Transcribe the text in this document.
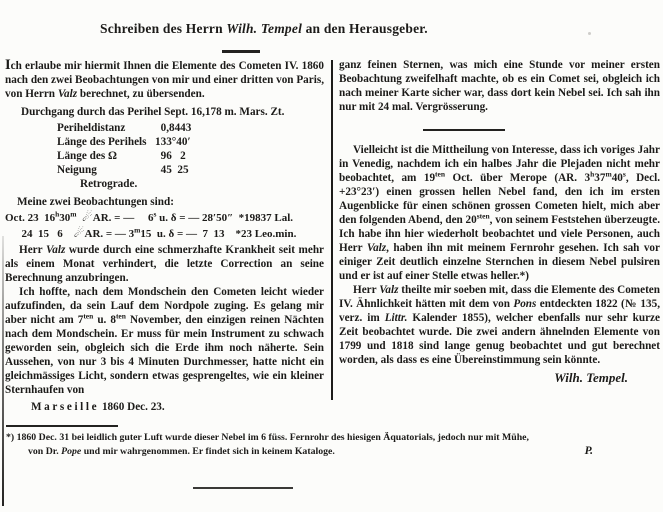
Schreiben des Herrn Wilh. Tempel an den Herausgeber.

Ich erlaube mir hiermit Ihnen die Elemente des Cometen IV. 1860 nach den zwei Beobachtungen von mir und einer dritten von Paris, von Herrn Valz berechnet, zu übersenden.

Durchgang durch das Perihel Sept. 16,178 m. Mars. Zt.
Periheldistanz	0,8443
Länge des Perihels 133°40′
Länge des Ω	96   2
Neigung	45  25
Retrograde.

Meine zwei Beobachtungen sind:

Oct. 23  16$^h$30$^m$ ☄AR. = —     6$^s$ u. δ = — 28′50″  *19837 Lal.
24  15   6    ☄AR. = — 3$^m$15  u. δ = —  7  13    *23 Leo.min.

Herr Valz wurde durch eine schmerzhafte Krankheit seit mehr als einem Monat verhindert, die letzte Correction an seine Berechnung anzubringen.

Ich hoffte, nach dem Mondschein den Cometen leicht wieder aufzufinden, da sein Lauf dem Nordpole zuging. Es gelang mir aber nicht am $7^{ten}$ u. $8^{ten}$ November, den einzigen reinen Nächten nach dem Mondschein. Er muss für mein Instrument zu schwach geworden sein, obgleich sich die Erde ihm noch näherte. Sein Aussehen, von nur 3 bis 4 Minuten Durchmesser, hatte nicht ein gleichmässiges Licht, sondern etwas gesprengeltes, wie ein kleiner Sternhaufen von

Marseille 1860 Dec. 23.

ganz feinen Sternen, was mich eine Stunde vor meiner ersten Beobachtung zweifelhaft machte, ob es ein Comet sei, obgleich ich nach meiner Karte sicher war, dass dort kein Nebel sei. Ich sah ihn nur mit 24 mal. Vergrösserung.

Vielleicht ist die Mittheilung von Interesse, dass ich voriges Jahr in Venedig, nachdem ich ein halbes Jahr die Plejaden nicht mehr beobachtet, am $19^{ten}$ Oct. über Merope (AR. 3$^h$37$^m$40$^s$, Decl. +23°23′) einen grossen hellen Nebel fand, den ich im ersten Augenblicke für einen schönen grossen Cometen hielt, mich aber den folgenden Abend, den $20^{sten}$, von seinem Feststehen überzeugte. Ich habe ihn hier wiederholt beobachtet und viele Personen, auch Herr Valz, haben ihn mit meinem Fernrohr gesehen. Ich sah vor einiger Zeit deutlich einzelne Sternchen in diesem Nebel pulsiren und er ist auf einer Stelle etwas heller.*)

Herr Valz theilte mir soeben mit, dass die Elemente des Cometen IV. Ähnlichkeit hätten mit dem von Pons entdeckten 1822 (№ 135, verz. im Littr. Kalender 1855), welcher ebenfalls nur sehr kurze Zeit beobachtet wurde. Die zwei andern ähnelnden Elemente von 1799 und 1818 sind lange genug beobachtet und gut berechnet worden, als dass es eine Übereinstimmung sein könnte.

Wilh. Tempel.
*) 1860 Dec. 31 bei leidlich guter Luft wurde dieser Nebel im 6 füss. Fernrohr des hiesigen Äquatorials, jedoch nur mit Mühe,
von Dr. Pope und mir wahrgenommen. Er findet sich in keinem Kataloge.	P.
